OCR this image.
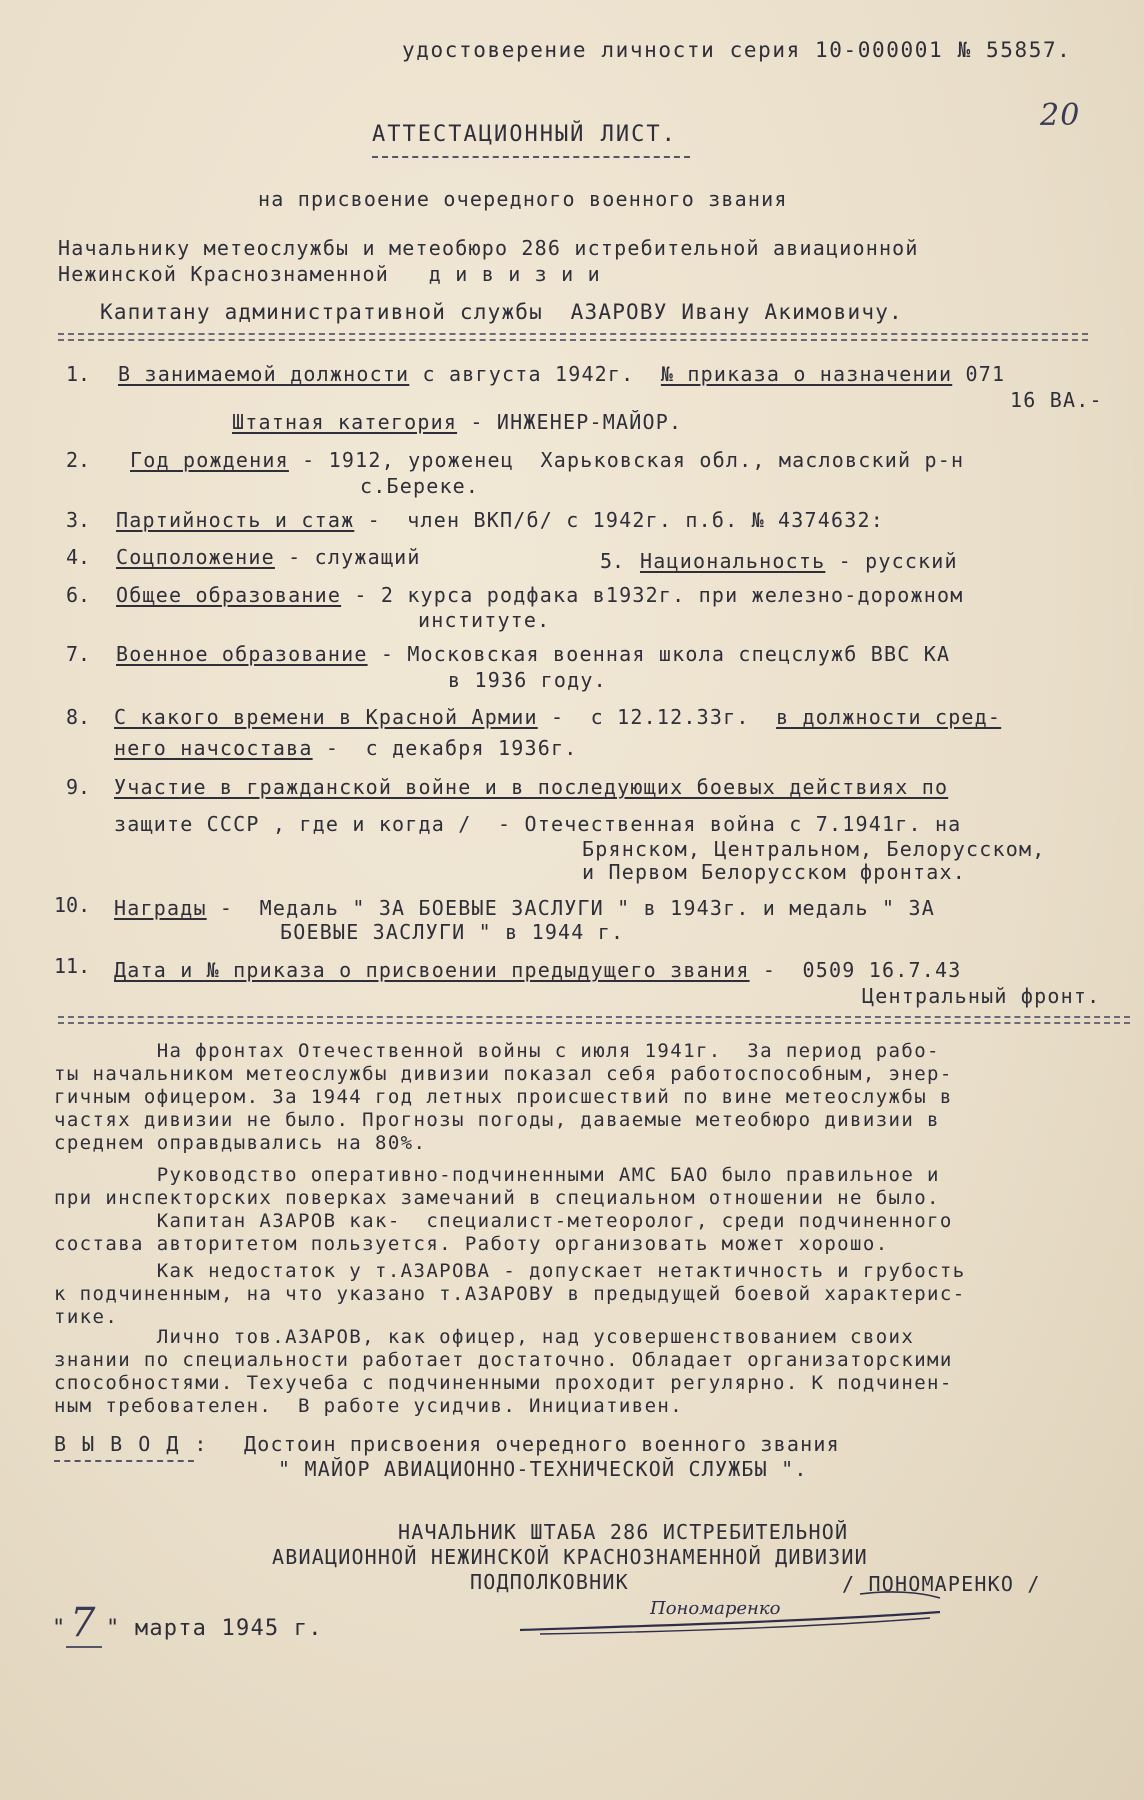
удостоверение личности серия 10-000001 № 55857.
20
АТТЕСТАЦИОННЫЙ ЛИСТ.
на присвоение очередного военного звания
Начальнику метеослужбы и метеобюро 286 истребительной авиационной
Нежинской Краснознаменной   д и в и з и и
Капитану административной службы  АЗАРОВУ Ивану Акимовичу.
1. В занимаемой должности с августа 1942г.  № приказа о назначении 071
16 ВА.-
Штатная категория - ИНЖЕНЕР-МАЙОР.
2. Год рождения - 1912, уроженец  Харьковская обл., масловский р-н
с.Береке.
3. Партийность и стаж -  член ВКП/б/ с 1942г. п.б. № 4374632:
4. Соцположение - служащий	5. Национальность - русский
6. Общее образование - 2 курса родфака в1932г. при железно-дорожном
институте.
7. Военное образование - Московская военная школа спецслужб ВВС КА
в 1936 году.
8. С какого времени в Красной Армии -  с 12.12.33г.  в должности сред-
него начсостава -  с декабря 1936г.
9. Участие в гражданской войне и в последующих боевых действиях по
защите СССР , где и когда /  - Отечественная война с 7.1941г. на
Брянском, Центральном, Белорусском,
и Первом Белорусском фронтах.
10. Награды -  Медаль " ЗА БОЕВЫЕ ЗАСЛУГИ " в 1943г. и медаль " ЗА
БОЕВЫЕ ЗАСЛУГИ " в 1944 г.
11. Дата и № приказа о присвоении предыдущего звания -  0509 16.7.43
Центральный фронт.
На фронтах Отечественной войны с июля 1941г.  За период рабо-
ты начальником метеослужбы дивизии показал себя работоспособным, энер-
гичным офицером. За 1944 год летных происшествий по вине метеослужбы в
частях дивизии не было. Прогнозы погоды, даваемые метеобюро дивизии в
среднем оправдывались на 80%.
Руководство оперативно-подчиненными АМС БАО было правильное и
при инспекторских поверках замечаний в специальном отношении не было.
Капитан АЗАРОВ как-  специалист-метеоролог, среди подчиненного
состава авторитетом пользуется. Работу организовать может хорошо.
Как недостаток у т.АЗАРОВА - допускает нетактичность и грубость
к подчиненным, на что указано т.АЗАРОВУ в предыдущей боевой характерис-
тике.
Лично тов.АЗАРОВ, как офицер, над усовершенствованием своих
знании по специальности работает достаточно. Обладает организаторскими
способностями. Техучеба с подчиненными проходит регулярно. К подчинен-
ным требователен.  В работе усидчив. Инициативен.
В Ы В О Д : Достоин присвоения очередного военного звания
" МАЙОР АВИАЦИОННО-ТЕХНИЧЕСКОЙ СЛУЖБЫ ".
НАЧАЛЬНИК ШТАБА 286 ИСТРЕБИТЕЛЬНОЙ
АВИАЦИОННОЙ НЕЖИНСКОЙ КРАСНОЗНАМЕННОЙ ДИВИЗИИ
ПОДПОЛКОВНИК	/ ПОНОМАРЕНКО /
Пономаренко
" 7 " марта 1945 г.
